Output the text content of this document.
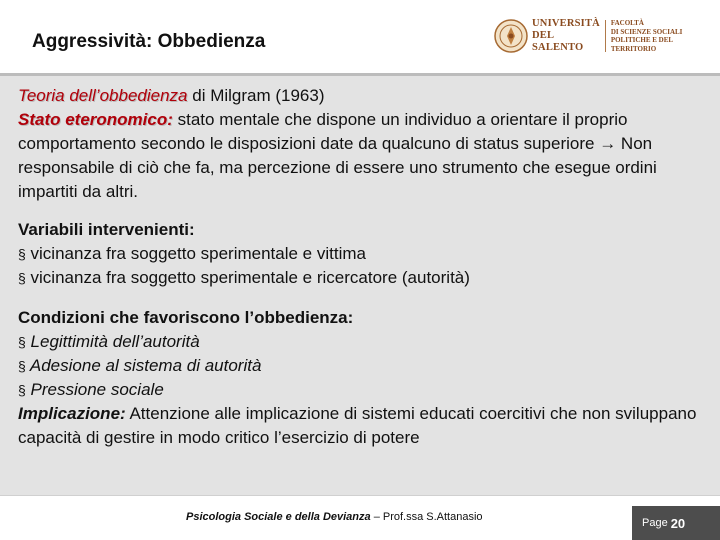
Aggressività: Obbedienza
UNIVERSITÀ
DEL SALENTO
FACOLTÀ
DI SCIENZE SOCIALI
POLITICHE E DEL TERRITORIO

Teoria dell’obbedienza di Milgram (1963)

Stato eteronomico: stato mentale che dispone un individuo a orientare il proprio comportamento secondo le disposizioni date da qualcuno di status superiore → Non responsabile di ciò che fa, ma percezione di essere uno strumento che esegue ordini impartiti da altri.

Variabili intervenienti:

§ vicinanza fra soggetto sperimentale e vittima

§ vicinanza fra soggetto sperimentale e ricercatore (autorità)

Condizioni che favoriscono l’obbedienza:

§ Legittimità dell’autorità

§ Adesione al sistema di autorità

§ Pressione sociale

Implicazione: Attenzione alle implicazione di sistemi educati coercitivi che non sviluppano capacità di gestire in modo critico l’esercizio di potere

Psicologia Sociale e della Devianza – Prof.ssa S.Attanasio	Page 20
